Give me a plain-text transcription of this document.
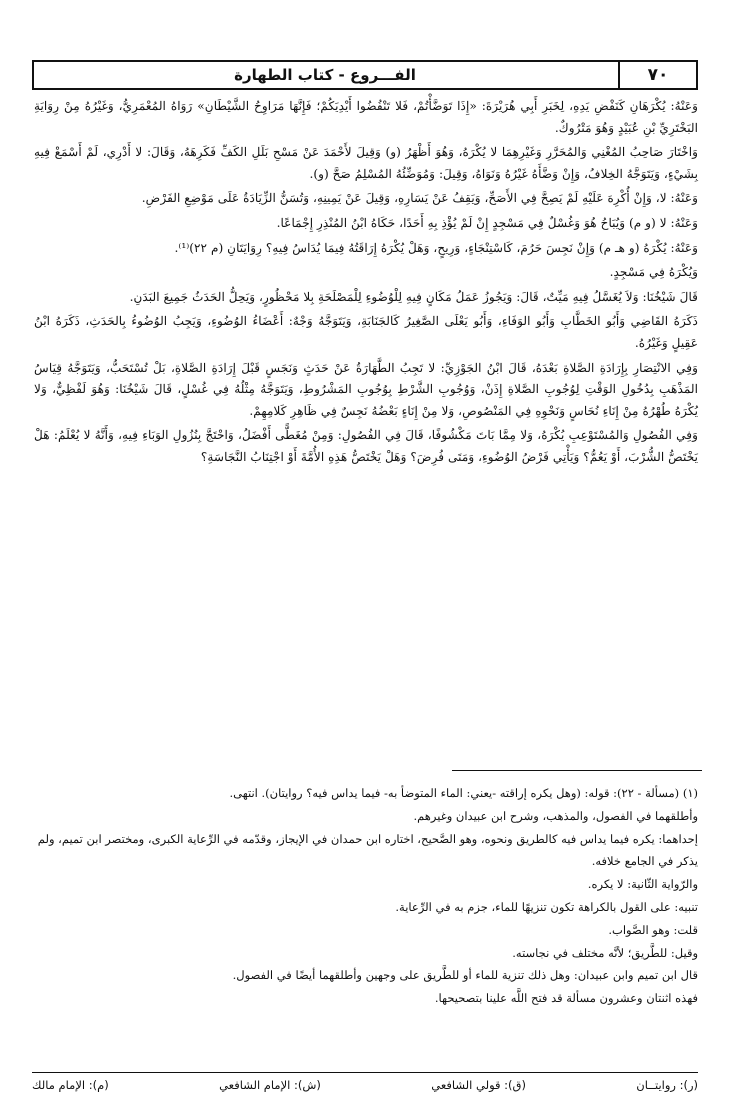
الفـــروع - كتاب الطهارة	٧٠

وَعَنْهُ: يُكْرَهَانِ كَنَفْضِ يَدِهِ، لِخَبَرِ أَبِي هُرَيْرَةَ: «إِذَا تَوَضَّأْتُمْ، فَلا تَنْفُضُوا أَيْدِيَكُمْ؛ فَإِنَّهَا مَرَاوِحُ الشَّيْطَانِ» رَوَاهُ المُعْمَرِيُّ، وَغَيْرُهُ مِنْ رِوَايَةِ البَخْتَرِيِّ بْنِ عُبَيْدٍ وَهُوَ مَتْرُوكٌ.

وَاخْتَارَ صَاحِبُ المُغْنِي وَالمُحَرَّرِ وَغَيْرِهِمَا لا يُكْرَهُ، وَهُوَ أَظْهَرُ (و) وَقِيلَ لأَحْمَدَ عَنْ مَسْحِ بَلَلِ الكَفِّ فَكَرِهَهُ، وَقَالَ: لا أَدْرِي، لَمْ أَسْمَعْ فِيهِ بِشَيْءٍ، وَيَتَوَجَّهُ الخِلافُ، وَإِنْ وَضَّأَهُ غَيْرُهُ وَنَوَاهُ، وَقِيلَ: وَمُوَضِّئُهُ المُسْلِمُ صَحَّ (و).

وَعَنْهُ: لا، وَإِنْ أُكْرِهَ عَلَيْهِ لَمْ يَصِحَّ فِي الأَصَحِّ، وَيَقِفُ عَنْ يَسَارِهِ، وَقِيلَ عَنْ يَمِينِهِ، وَتُسَنُّ الزِّيَادَةُ عَلَى مَوْضِعِ الفَرْضِ.

وَعَنْهُ: لا (و م) وَيُبَاحُ هُوَ وَغُسْلٌ فِي مَسْجِدٍ إِنْ لَمْ يُؤْذِ بِهِ أَحَدًا، حَكَاهُ ابْنُ المُنْذِرِ إِجْمَاعًا.

وَعَنْهُ: يُكْرَهُ (و هـ م) وَإِنْ نَجِسَ حَرُمَ، كَاسْتِنْجَاءٍ، وَرِيحٍ، وَهَلْ يُكْرَهُ إِرَاقَتُهُ فِيمَا يُدَاسُ فِيهِ؟ رِوَايَتَانِ (م ٢٢)⁽¹⁾.

وَيُكْرَهُ فِي مَسْجِدٍ.

قَالَ شَيْخُنَا: وَلاَ يُغَسَّلُ فِيهِ مَيِّتٌ، قَالَ: وَيَجُوزُ عَمَلُ مَكَانٍ فِيهِ لِلْوُضُوءِ لِلْمَصْلَحَةِ بِلا مَحْظُورٍ، وَيَحِلُّ الحَدَثُ جَمِيعَ البَدَنِ.

ذَكَرَهُ القَاضِي وَأَبُو الخَطَّابِ وَأَبُو الوَفَاءِ، وَأَبُو يَعْلَى الصَّغِيرُ كَالجَنَابَةِ، وَيَتَوَجَّهُ وَجْهٌ: أَعْضَاءُ الوُضُوءِ، وَيَجِبُ الوُضُوءُ بِالحَدَثِ، ذَكَرَهُ ابْنُ عَقِيلٍ وَغَيْرُهُ.

وَفِي الانْتِصَارِ بِإِرَادَةِ الصَّلاةِ بَعْدَهُ، قَالَ ابْنُ الجَوْزِيِّ: لا تَجِبُ الطَّهَارَةُ عَنْ حَدَثٍ وَنَجَسٍ قَبْلَ إِرَادَةِ الصَّلاةِ، بَلْ تُسْتَحَبُّ، وَيَتَوَجَّهُ قِيَاسُ المَذْهَبِ بِدُخُولِ الوَقْتِ لِوُجُوبِ الصَّلاةِ إِذَنْ، وَوُجُوبِ الشَّرْطِ بِوُجُوبِ المَشْرُوطِ، وَيَتَوَجَّهُ مِثْلُهُ فِي غُسْلٍ، قَالَ شَيْخُنَا: وَهُوَ لَفْظِيٌّ، وَلا يُكْرَهُ طُهْرُهُ مِنْ إِنَاءِ نُحَاسٍ وَنَحْوِهِ فِي المَنْصُوصِ، وَلا مِنْ إِنَاءٍ بَعْضُهُ نَجِسٌ فِي ظَاهِرِ كَلامِهِمْ.

وَفِي الفُصُولِ وَالمُسْتَوْعِبِ يُكْرَهُ، وَلا مِمَّا بَاتَ مَكْشُوفًا، قَالَ فِي الفُصُولِ: وَمِنْ مُغَطًّى أَفْضَلُ، وَاحْتَجَّ بِنُزُولِ الوَبَاءِ فِيهِ، وَأَنَّهُ لا يُعْلَمُ: هَلْ يَخْتَصُّ الشُّرْبَ، أَوْ يَعُمُّ؟ وَيَأْتِي فَرْضُ الوُضُوءِ، وَمَتَى فُرِضَ؟ وَهَلْ يَخْتَصُّ هَذِهِ الأُمَّةَ أَوْ اجْتِنَابُ النَّجَاسَةِ؟

(١) (مسألة - ٢٢): قوله: (وهل يكره إراقته -يعني: الماء المتوضأ به- فيما يداس فيه؟ روايتان). انتهى.

وأطلقهما في الفصول، والمذهب، وشرح ابن عبيدان وغيرهم.

إحداهما: يكره فيما يداس فيه كالطريق ونحوه، وهو الصَّحيح، اختاره ابن حمدان في الإيجاز، وقدّمه في الرِّعاية الكبرى، ومختصر ابن تميم، ولم يذكر في الجامع خلافه.

والرّواية الثّانية: لا يكره.

تنبيه: على القول بالكراهة تكون تنزيهًا للماء، جزم به في الرِّعاية.

قلت: وهو الصَّواب.

وقيل: للطَّريق؛ لأنَّه مختلف في نجاسته.

قال ابن تميم وابن عبيدان: وهل ذلك تنزية للماء أو للطَّريق على وجهين وأطلقهما أيضًا في الفصول.

فهذه اثنتان وعشرون مسألة قد فتح اللَّه علينا بتصحيحها.

(م): الإمام مالك	(ش): الإمام الشافعي	(ق): قولي الشافعي	(ر): روايتــان
